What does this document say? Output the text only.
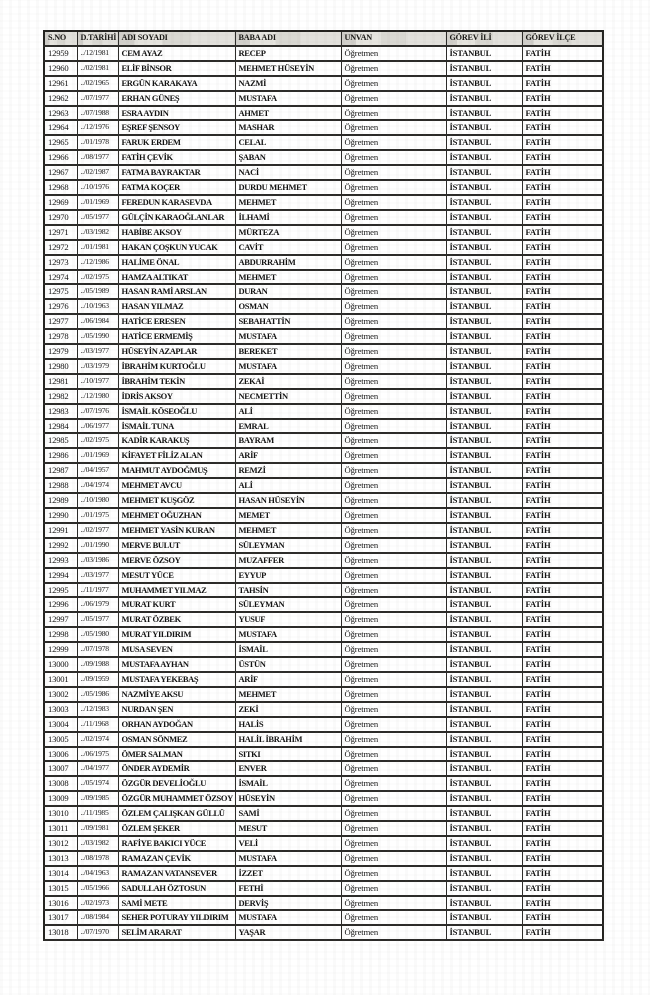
S.NO	D.TARİHİ	ADI SOYADI	BABA ADI	UNVAN	GÖREV İLİ	GÖREV İLÇE
12959	../12/1981	CEM AYAZ	RECEP	Öğretmen	İSTANBUL	FATİH
12960	../02/1981	ELİF BİNSOR	MEHMET HÜSEYİN	Öğretmen	İSTANBUL	FATİH
12961	../02/1965	ERGÜN KARAKAYA	NAZMİ	Öğretmen	İSTANBUL	FATİH
12962	../07/1977	ERHAN GÜNEŞ	MUSTAFA	Öğretmen	İSTANBUL	FATİH
12963	../07/1988	ESRA AYDIN	AHMET	Öğretmen	İSTANBUL	FATİH
12964	../12/1976	EŞREF ŞENSOY	MASHAR	Öğretmen	İSTANBUL	FATİH
12965	../01/1978	FARUK ERDEM	CELAL	Öğretmen	İSTANBUL	FATİH
12966	../08/1977	FATİH ÇEVİK	ŞABAN	Öğretmen	İSTANBUL	FATİH
12967	../02/1987	FATMA BAYRAKTAR	NACİ	Öğretmen	İSTANBUL	FATİH
12968	../10/1976	FATMA KOÇER	DURDU MEHMET	Öğretmen	İSTANBUL	FATİH
12969	../01/1969	FEREDUN KARASEVDA	MEHMET	Öğretmen	İSTANBUL	FATİH
12970	../05/1977	GÜLÇİN KARAOĞLANLAR	İLHAMİ	Öğretmen	İSTANBUL	FATİH
12971	../03/1982	HABİBE AKSOY	MÜRTEZA	Öğretmen	İSTANBUL	FATİH
12972	../01/1981	HAKAN ÇOŞKUN YUCAK	CAVİT	Öğretmen	İSTANBUL	FATİH
12973	../12/1986	HALİME ÖNAL	ABDURRAHİM	Öğretmen	İSTANBUL	FATİH
12974	../02/1975	HAMZA ALTIKAT	MEHMET	Öğretmen	İSTANBUL	FATİH
12975	../05/1989	HASAN RAMİ ARSLAN	DURAN	Öğretmen	İSTANBUL	FATİH
12976	../10/1963	HASAN YILMAZ	OSMAN	Öğretmen	İSTANBUL	FATİH
12977	../06/1984	HATİCE ERESEN	SEBAHATTİN	Öğretmen	İSTANBUL	FATİH
12978	../05/1990	HATİCE ERMEMİŞ	MUSTAFA	Öğretmen	İSTANBUL	FATİH
12979	../03/1977	HÜSEYİN AZAPLAR	BEREKET	Öğretmen	İSTANBUL	FATİH
12980	../03/1979	İBRAHİM KURTOĞLU	MUSTAFA	Öğretmen	İSTANBUL	FATİH
12981	../10/1977	İBRAHİM TEKİN	ZEKAİ	Öğretmen	İSTANBUL	FATİH
12982	../12/1980	İDRİS AKSOY	NECMETTİN	Öğretmen	İSTANBUL	FATİH
12983	../07/1976	İSMAİL KÖSEOĞLU	ALİ	Öğretmen	İSTANBUL	FATİH
12984	../06/1977	İSMAİL TUNA	EMRAL	Öğretmen	İSTANBUL	FATİH
12985	../02/1975	KADİR KARAKUŞ	BAYRAM	Öğretmen	İSTANBUL	FATİH
12986	../01/1969	KİFAYET FİLİZ ALAN	ARİF	Öğretmen	İSTANBUL	FATİH
12987	../04/1957	MAHMUT AYDOĞMUŞ	REMZİ	Öğretmen	İSTANBUL	FATİH
12988	../04/1974	MEHMET AVCU	ALİ	Öğretmen	İSTANBUL	FATİH
12989	../10/1980	MEHMET KUŞGÖZ	HASAN HÜSEYİN	Öğretmen	İSTANBUL	FATİH
12990	../01/1975	MEHMET OĞUZHAN	MEMET	Öğretmen	İSTANBUL	FATİH
12991	../02/1977	MEHMET YASİN KURAN	MEHMET	Öğretmen	İSTANBUL	FATİH
12992	../01/1990	MERVE BULUT	SÜLEYMAN	Öğretmen	İSTANBUL	FATİH
12993	../03/1986	MERVE ÖZSOY	MUZAFFER	Öğretmen	İSTANBUL	FATİH
12994	../03/1977	MESUT YÜCE	EYYUP	Öğretmen	İSTANBUL	FATİH
12995	../11/1977	MUHAMMET YILMAZ	TAHSİN	Öğretmen	İSTANBUL	FATİH
12996	../06/1979	MURAT KURT	SÜLEYMAN	Öğretmen	İSTANBUL	FATİH
12997	../05/1977	MURAT ÖZBEK	YUSUF	Öğretmen	İSTANBUL	FATİH
12998	../05/1980	MURAT YILDIRIM	MUSTAFA	Öğretmen	İSTANBUL	FATİH
12999	../07/1978	MUSA SEVEN	İSMAİL	Öğretmen	İSTANBUL	FATİH
13000	../09/1988	MUSTAFA AYHAN	ÜSTÜN	Öğretmen	İSTANBUL	FATİH
13001	../09/1959	MUSTAFA YEKEBAŞ	ARİF	Öğretmen	İSTANBUL	FATİH
13002	../05/1986	NAZMİYE AKSU	MEHMET	Öğretmen	İSTANBUL	FATİH
13003	../12/1983	NURDAN ŞEN	ZEKİ	Öğretmen	İSTANBUL	FATİH
13004	../11/1968	ORHAN AYDOĞAN	HALİS	Öğretmen	İSTANBUL	FATİH
13005	../02/1974	OSMAN SÖNMEZ	HALİL İBRAHİM	Öğretmen	İSTANBUL	FATİH
13006	../06/1975	ÖMER SALMAN	SITKI	Öğretmen	İSTANBUL	FATİH
13007	../04/1977	ÖNDER AYDEMİR	ENVER	Öğretmen	İSTANBUL	FATİH
13008	../05/1974	ÖZGÜR DEVELİOĞLU	İSMAİL	Öğretmen	İSTANBUL	FATİH
13009	../09/1985	ÖZGÜR MUHAMMET ÖZSOY	HÜSEYİN	Öğretmen	İSTANBUL	FATİH
13010	../11/1985	ÖZLEM ÇALIŞKAN GÜLLÜ	SAMİ	Öğretmen	İSTANBUL	FATİH
13011	../09/1981	ÖZLEM ŞEKER	MESUT	Öğretmen	İSTANBUL	FATİH
13012	../03/1982	RAFİYE BAKICI YÜCE	VELİ	Öğretmen	İSTANBUL	FATİH
13013	../08/1978	RAMAZAN ÇEVİK	MUSTAFA	Öğretmen	İSTANBUL	FATİH
13014	../04/1963	RAMAZAN VATANSEVER	İZZET	Öğretmen	İSTANBUL	FATİH
13015	../05/1966	SADULLAH ÖZTOSUN	FETHİ	Öğretmen	İSTANBUL	FATİH
13016	../02/1973	SAMİ METE	DERVİŞ	Öğretmen	İSTANBUL	FATİH
13017	../08/1984	SEHER POTURAY YILDIRIM	MUSTAFA	Öğretmen	İSTANBUL	FATİH
13018	../07/1970	SELİM ARARAT	YAŞAR	Öğretmen	İSTANBUL	FATİH
